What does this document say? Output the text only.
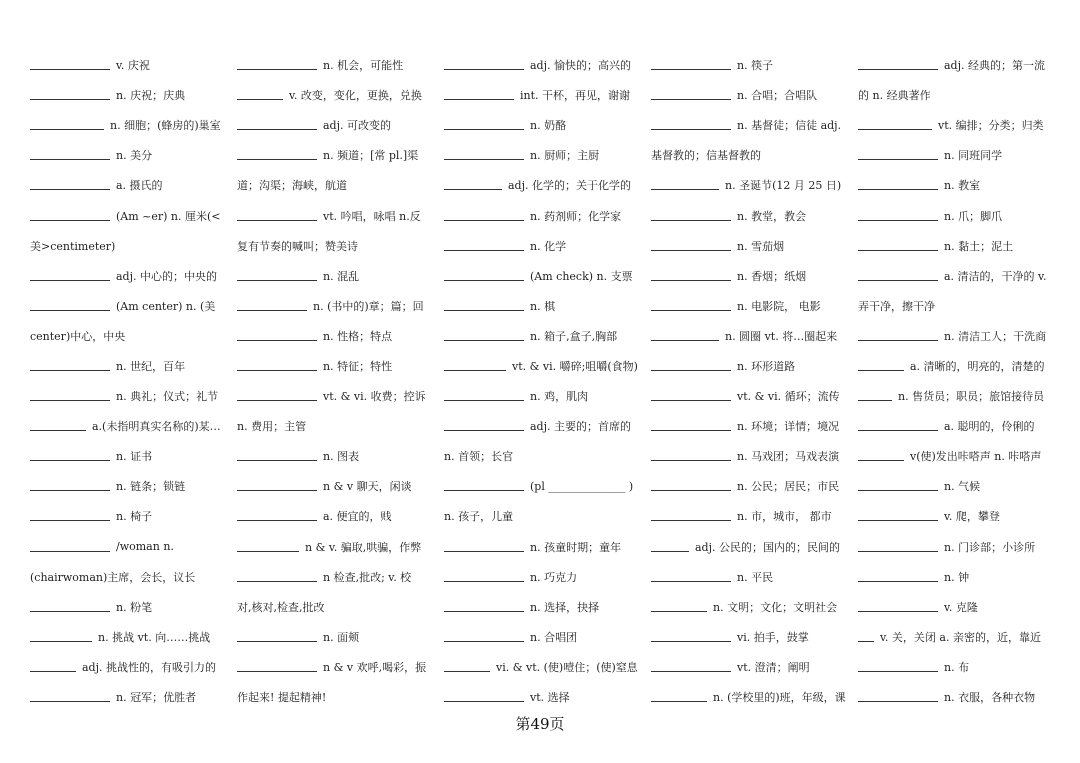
v. 庆祝
n. 庆祝；庆典
n. 细胞；(蜂房的)巢室
n. 美分
a. 摄氏的
(Am ~er) n. 厘米(<
美>centimeter)
adj. 中心的；中央的
(Am center) n. (美
center)中心，中央
n. 世纪，百年
n. 典礼；仪式；礼节
a.(未指明真实名称的)某…
n. 证书
n. 链条；锁链
n. 椅子
/woman n.
(chairwoman)主席，会长，议长
n. 粉笔
n. 挑战 vt. 向……挑战
adj. 挑战性的，有吸引力的
n. 冠军；优胜者
n. 机会，可能性
v. 改变，变化，更换，兑换
adj. 可改变的
n. 频道；[常 pl.]渠
道；沟渠；海峡，航道
vt. 吟唱，咏唱 n.反
复有节奏的喊叫；赞美诗
n. 混乱
n. (书中的)章；篇；回
n. 性格；特点
n. 特征；特性
vt. & vi. 收费；控诉
n. 费用；主管
n. 图表
n & v 聊天，闲谈
a. 便宜的，贱
n & v. 骗取,哄骗，作弊
n 检查,批改; v. 校
对,核对,检查,批改
n. 面颊
n & v 欢呼,喝彩，振
作起来! 提起精神!
adj. 愉快的；高兴的
int. 干杯，再见，谢谢
n. 奶酪
n. 厨师；主厨
adj. 化学的；关于化学的
n. 药剂师；化学家
n. 化学
(Am check) n. 支票
n. 棋
n. 箱子,盒子,胸部
vt. & vi. 嚼碎;咀嚼(食物)
n. 鸡，肌肉
adj. 主要的；首席的
n. 首领；长官
(pl ______________ )
n. 孩子，儿童
n. 孩童时期；童年
n. 巧克力
n. 选择，抉择
n. 合唱团
vi. & vt. (使)噎住；(使)窒息
vt. 选择
n. 筷子
n. 合唱；合唱队
n. 基督徒；信徒 adj.
基督教的；信基督教的
n. 圣诞节(12 月 25 日)
n. 教堂，教会
n. 雪茄烟
n. 香烟；纸烟
n. 电影院， 电影
n. 圆圈 vt. 将…圈起来
n. 环形道路
vt. & vi. 循环；流传
n. 环境；详情；境况
n. 马戏团；马戏表演
n. 公民；居民；市民
n. 市，城市， 都市
adj. 公民的；国内的；民间的
n. 平民
n. 文明；文化；文明社会
vi. 拍手，鼓掌
vt. 澄清；阐明
n. (学校里的)班，年级，课
adj. 经典的；第一流
的 n. 经典著作
vt. 编排；分类；归类
n. 同班同学
n. 教室
n. 爪；脚爪
n. 黏土；泥土
a. 清洁的，干净的 v.
弄干净，擦干净
n. 清洁工人；干洗商
a. 清晰的，明亮的，清楚的
n. 售货员；职员；旅馆接待员
a. 聪明的，伶俐的
v(使)发出咔嗒声 n. 咔嗒声
n. 气候
v. 爬，攀登
n. 门诊部；小诊所
n. 钟
v. 克隆
v. 关，关闭 a. 亲密的，近，靠近
n. 布
n. 衣服，各种衣物
第49页
